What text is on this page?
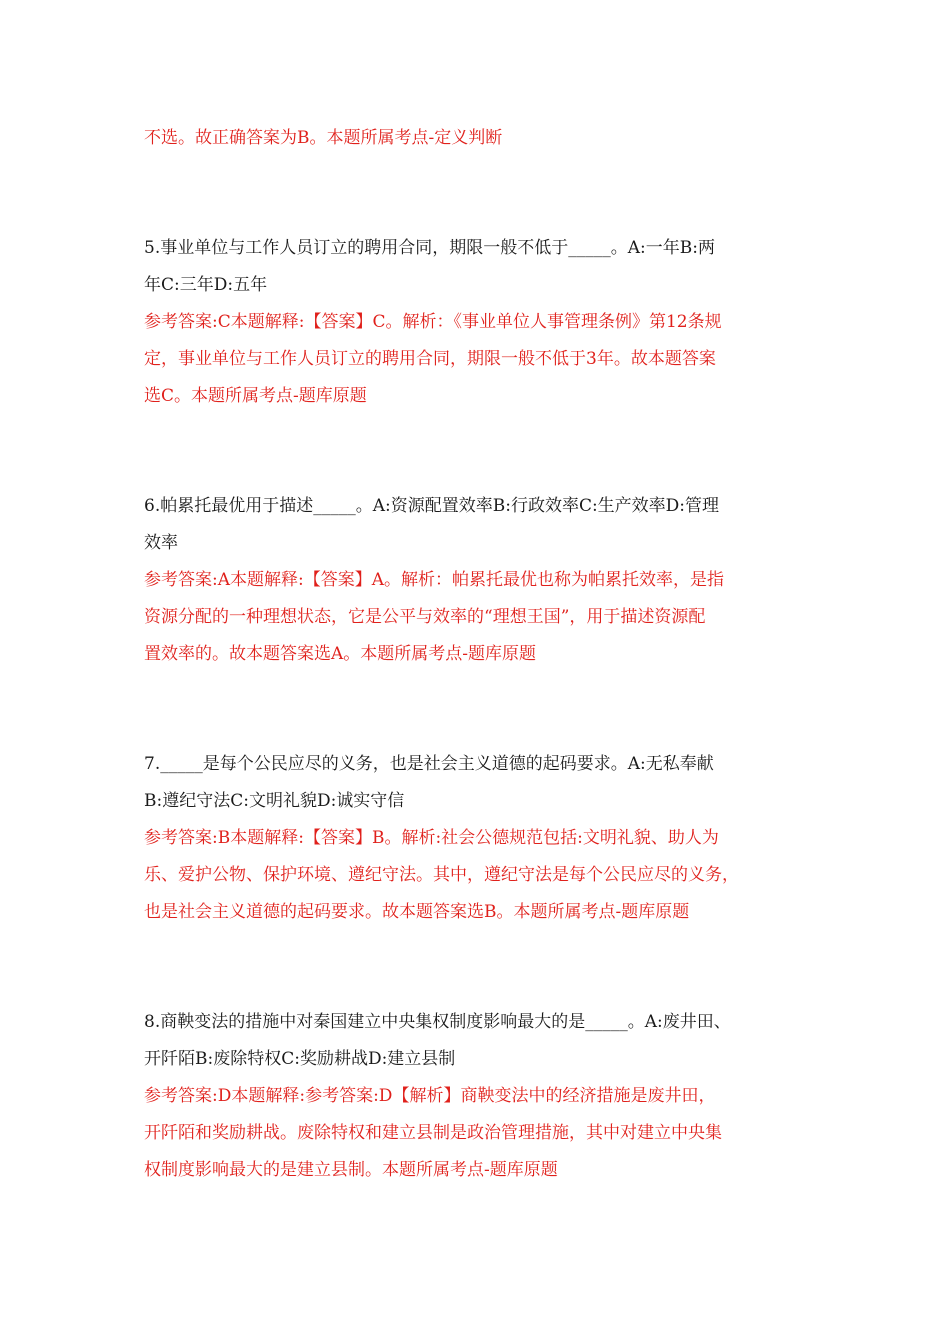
不选。故正确答案为B。本题所属考点-定义判断
5.事业单位与工作人员订立的聘用合同，期限一般不低于_____。A:一年B:两
年C:三年D:五年
参考答案:C本题解释:【答案】C。解析：《事业单位人事管理条例》第12条规
定，事业单位与工作人员订立的聘用合同，期限一般不低于3年。故本题答案
选C。本题所属考点-题库原题
6.帕累托最优用于描述_____。A:资源配置效率B:行政效率C:生产效率D:管理
效率
参考答案:A本题解释:【答案】A。解析：帕累托最优也称为帕累托效率，是指
资源分配的一种理想状态，它是公平与效率的“理想王国”，用于描述资源配
置效率的。故本题答案选A。本题所属考点-题库原题
7._____是每个公民应尽的义务，也是社会主义道德的起码要求。A:无私奉献
B:遵纪守法C:文明礼貌D:诚实守信
参考答案:B本题解释:【答案】B。解析:社会公德规范包括:文明礼貌、助人为
乐、爱护公物、保护环境、遵纪守法。其中，遵纪守法是每个公民应尽的义务，
也是社会主义道德的起码要求。故本题答案选B。本题所属考点-题库原题
8.商鞅变法的措施中对秦国建立中央集权制度影响最大的是_____。A:废井田、
开阡陌B:废除特权C:奖励耕战D:建立县制
参考答案:D本题解释:参考答案:D【解析】商鞅变法中的经济措施是废井田，
开阡陌和奖励耕战。废除特权和建立县制是政治管理措施，其中对建立中央集
权制度影响最大的是建立县制。本题所属考点-题库原题
